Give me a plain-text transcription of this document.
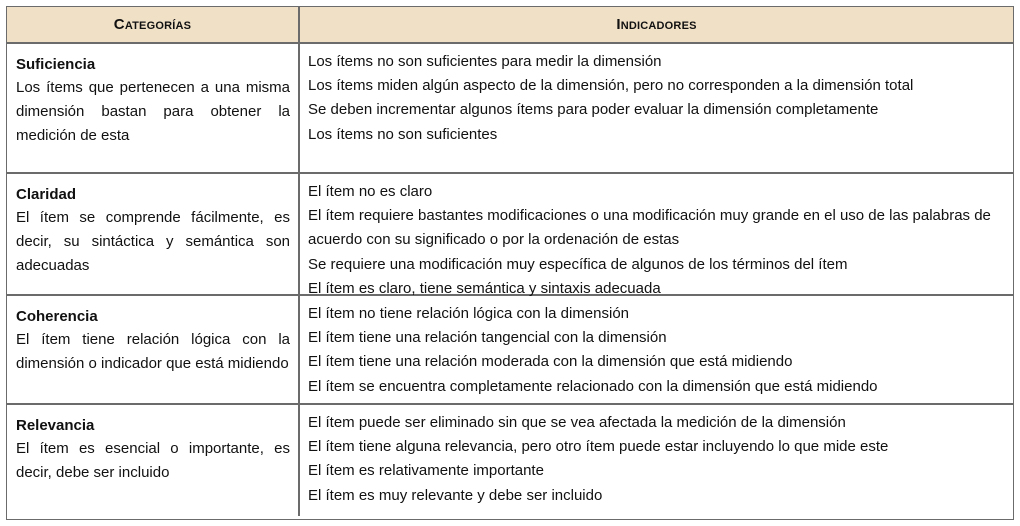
Categorías	Indicadores
Suficiencia
Los ítems que pertenecen a una misma dimensión bastan para obtener la medición de esta
Los ítems no son suficientes para medir la dimensión
Los ítems miden algún aspecto de la dimensión, pero no corresponden a la dimensión total
Se deben incrementar algunos ítems para poder evaluar la dimensión completamente
Los ítems no son suficientes
Claridad
El ítem se comprende fácilmente, es decir, su sintáctica y semántica son adecuadas
El ítem no es claro
El ítem requiere bastantes modificaciones o una modificación muy grande en el uso de las palabras de acuerdo con su significado o por la ordenación de estas
Se requiere una modificación muy específica de algunos de los términos del ítem
El ítem es claro, tiene semántica y sintaxis adecuada
Coherencia
El ítem tiene relación lógica con la dimensión o indicador que está midiendo
El ítem no tiene relación lógica con la dimensión
El ítem tiene una relación tangencial con la dimensión
El ítem tiene una relación moderada con la dimensión que está midiendo
El ítem se encuentra completamente relacionado con la dimensión que está midiendo
Relevancia
El ítem es esencial o importante, es decir, debe ser incluido
El ítem puede ser eliminado sin que se vea afectada la medición de la dimensión
El ítem tiene alguna relevancia, pero otro ítem puede estar incluyendo lo que mide este
El ítem es relativamente importante
El ítem es muy relevante y debe ser incluido
